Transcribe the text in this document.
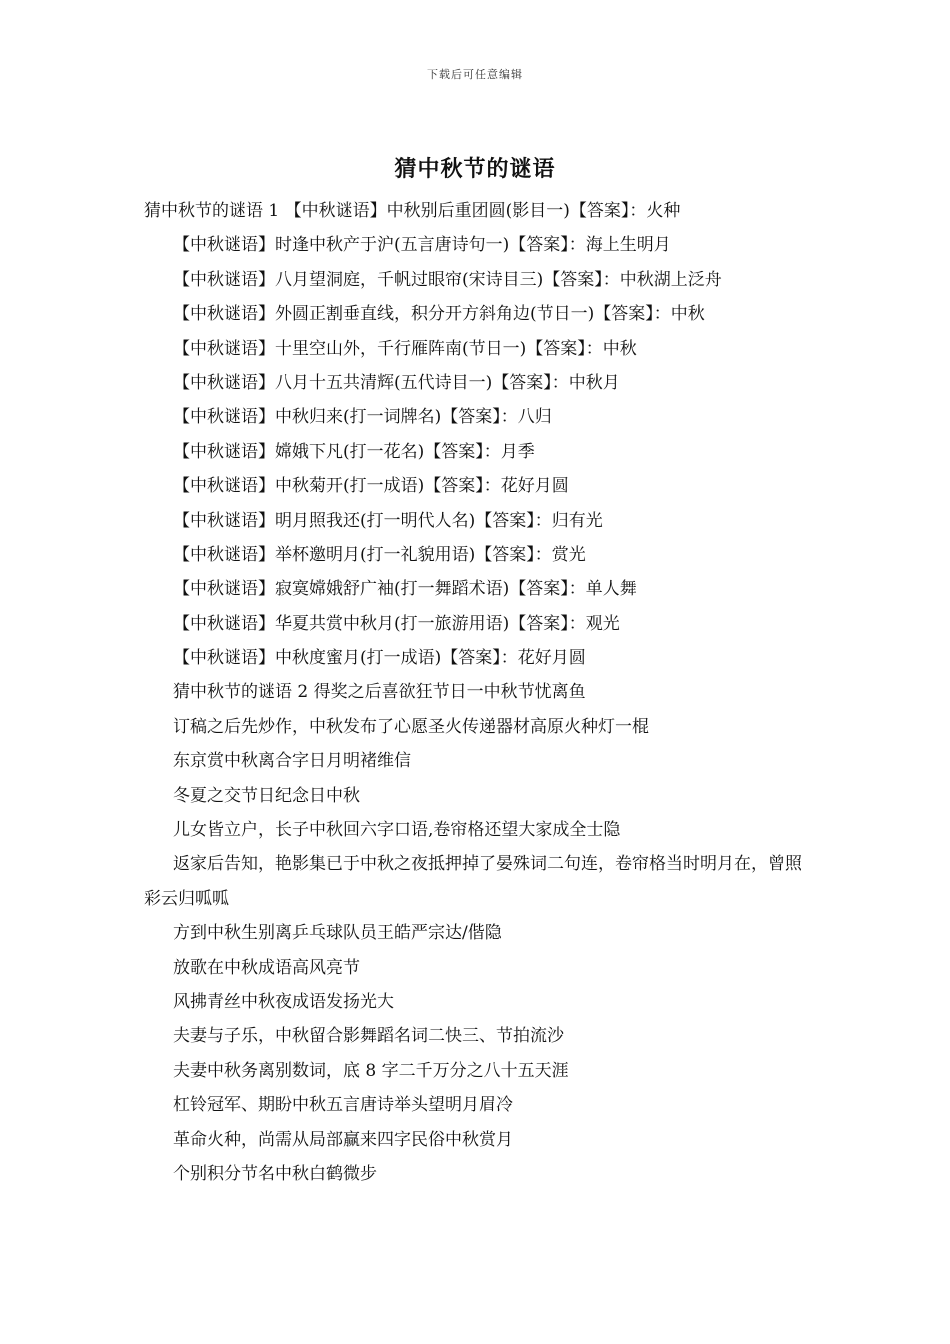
下载后可任意编辑
猜中秋节的谜语
猜中秋节的谜语 1 【中秋谜语】中秋别后重团圆(影目一)【答案】：火种
【中秋谜语】时逢中秋产于沪(五言唐诗句一)【答案】：海上生明月
【中秋谜语】八月望洞庭，千帆过眼帘(宋诗目三)【答案】：中秋湖上泛舟
【中秋谜语】外圆正割垂直线，积分开方斜角边(节日一)【答案】：中秋
【中秋谜语】十里空山外，千行雁阵南(节日一)【答案】：中秋
【中秋谜语】八月十五共清辉(五代诗目一)【答案】：中秋月
【中秋谜语】中秋归来(打一词牌名)【答案】：八归
【中秋谜语】嫦娥下凡(打一花名)【答案】：月季
【中秋谜语】中秋菊开(打一成语)【答案】：花好月圆
【中秋谜语】明月照我还(打一明代人名)【答案】：归有光
【中秋谜语】举杯邀明月(打一礼貌用语)【答案】：赏光
【中秋谜语】寂寞嫦娥舒广袖(打一舞蹈术语)【答案】：单人舞
【中秋谜语】华夏共赏中秋月(打一旅游用语)【答案】：观光
【中秋谜语】中秋度蜜月(打一成语)【答案】：花好月圆
猜中秋节的谜语 2 得奖之后喜欲狂节日一中秋节忧离鱼
订稿之后先炒作，中秋发布了心愿圣火传递器材高原火种灯一棍
东京赏中秋离合字日月明褚维信
冬夏之交节日纪念日中秋
儿女皆立户，长子中秋回六字口语,卷帘格还望大家成全士隐
返家后告知，艳影集已于中秋之夜抵押掉了晏殊词二句连，卷帘格当时明月在，曾照彩云归呱呱
方到中秋生别离乒乓球队员王皓严宗达/偕隐
放歌在中秋成语高风亮节
风拂青丝中秋夜成语发扬光大
夫妻与子乐，中秋留合影舞蹈名词二快三、节拍流沙
夫妻中秋务离别数词，底 8 字二千万分之八十五天涯
杠铃冠军、期盼中秋五言唐诗举头望明月眉冷
革命火种，尚需从局部赢来四字民俗中秋赏月
个别积分节名中秋白鹤微步
